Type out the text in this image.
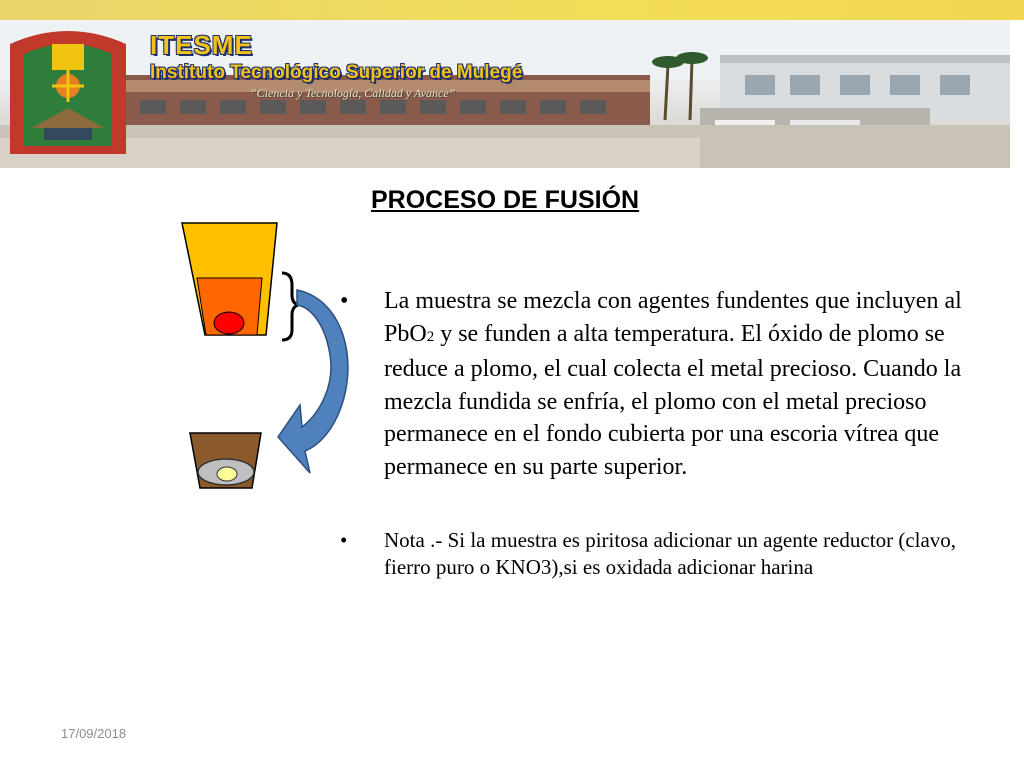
ITESME
Instituto Tecnológico Superior de Mulegé
“Ciencia y Tecnología, Calidad y Avance”
PROCESO DE FUSIÓN
• La muestra se mezcla con agentes fundentes que incluyen al PbO2 y se funden a alta temperatura. El óxido de plomo se reduce a plomo, el cual colecta el metal precioso. Cuando la mezcla fundida se enfría, el plomo con el metal precioso permanece en el fondo cubierta por una escoria vítrea que permanece en su parte superior.
• Nota .- Si la muestra es piritosa adicionar un agente reductor (clavo, fierro puro o KNO3),si es oxidada adicionar harina
17/09/2018
